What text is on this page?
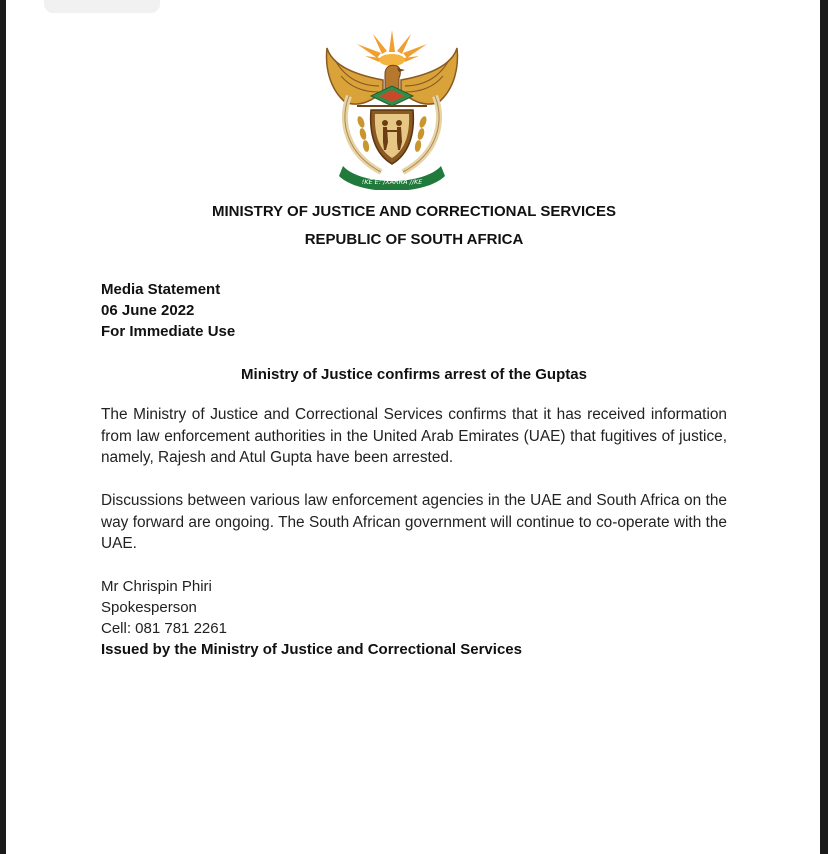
!KE E: /XARRA //KE
MINISTRY OF JUSTICE AND CORRECTIONAL SERVICES
REPUBLIC OF SOUTH AFRICA
Media Statement
06 June 2022
For Immediate Use
Ministry of Justice confirms arrest of the Guptas
The Ministry of Justice and Correctional Services confirms that it has received information from law enforcement authorities in the United Arab Emirates (UAE) that fugitives of justice, namely, Rajesh and Atul Gupta have been arrested.
Discussions between various law enforcement agencies in the UAE and South Africa on the way forward are ongoing. The South African government will continue to co-operate with the UAE.
Mr Chrispin Phiri
Spokesperson
Cell: 081 781 2261
Issued by the Ministry of Justice and Correctional Services
